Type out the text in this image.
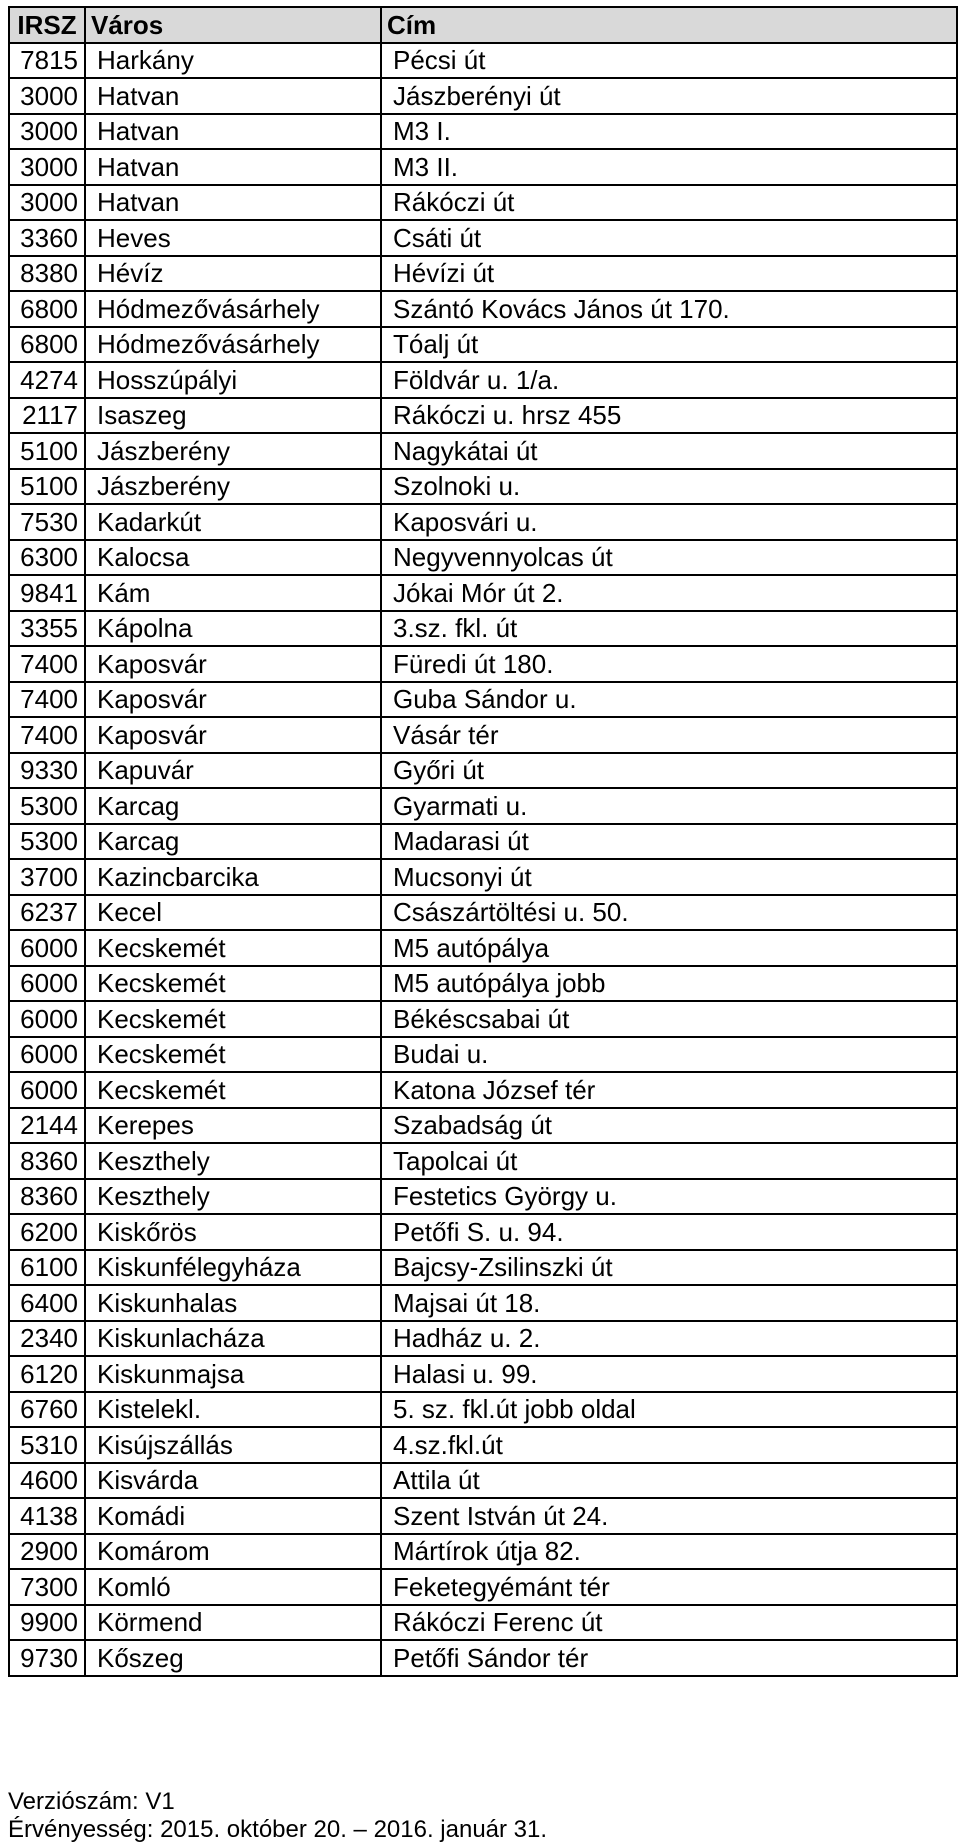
IRSZ	Város	Cím
7815	Harkány	Pécsi út
3000	Hatvan	Jászberényi út
3000	Hatvan	M3 I.
3000	Hatvan	M3 II.
3000	Hatvan	Rákóczi út
3360	Heves	Csáti út
8380	Hévíz	Hévízi út
6800	Hódmezővásárhely	Szántó Kovács János út 170.
6800	Hódmezővásárhely	Tóalj út
4274	Hosszúpályi	Földvár u. 1/a.
2117	Isaszeg	Rákóczi u. hrsz 455
5100	Jászberény	Nagykátai út
5100	Jászberény	Szolnoki u.
7530	Kadarkút	Kaposvári u.
6300	Kalocsa	Negyvennyolcas út
9841	Kám	Jókai Mór út 2.
3355	Kápolna	3.sz. fkl. út
7400	Kaposvár	Füredi út 180.
7400	Kaposvár	Guba Sándor u.
7400	Kaposvár	Vásár tér
9330	Kapuvár	Győri út
5300	Karcag	Gyarmati u.
5300	Karcag	Madarasi út
3700	Kazincbarcika	Mucsonyi út
6237	Kecel	Császártöltési u. 50.
6000	Kecskemét	M5 autópálya
6000	Kecskemét	M5 autópálya jobb
6000	Kecskemét	Békéscsabai út
6000	Kecskemét	Budai u.
6000	Kecskemét	Katona József tér
2144	Kerepes	Szabadság út
8360	Keszthely	Tapolcai út
8360	Keszthely	Festetics György u.
6200	Kiskőrös	Petőfi S. u. 94.
6100	Kiskunfélegyháza	Bajcsy-Zsilinszki út
6400	Kiskunhalas	Majsai út 18.
2340	Kiskunlacháza	Hadház u. 2.
6120	Kiskunmajsa	Halasi u. 99.
6760	Kistelekl.	5. sz. fkl.út jobb oldal
5310	Kisújszállás	4.sz.fkl.út
4600	Kisvárda	Attila út
4138	Komádi	Szent István út 24.
2900	Komárom	Mártírok útja 82.
7300	Komló	Feketegyémánt tér
9900	Körmend	Rákóczi Ferenc út
9730	Kőszeg	Petőfi Sándor tér
Verziószám: V1
Érvényesség: 2015. október 20. – 2016. január 31.
